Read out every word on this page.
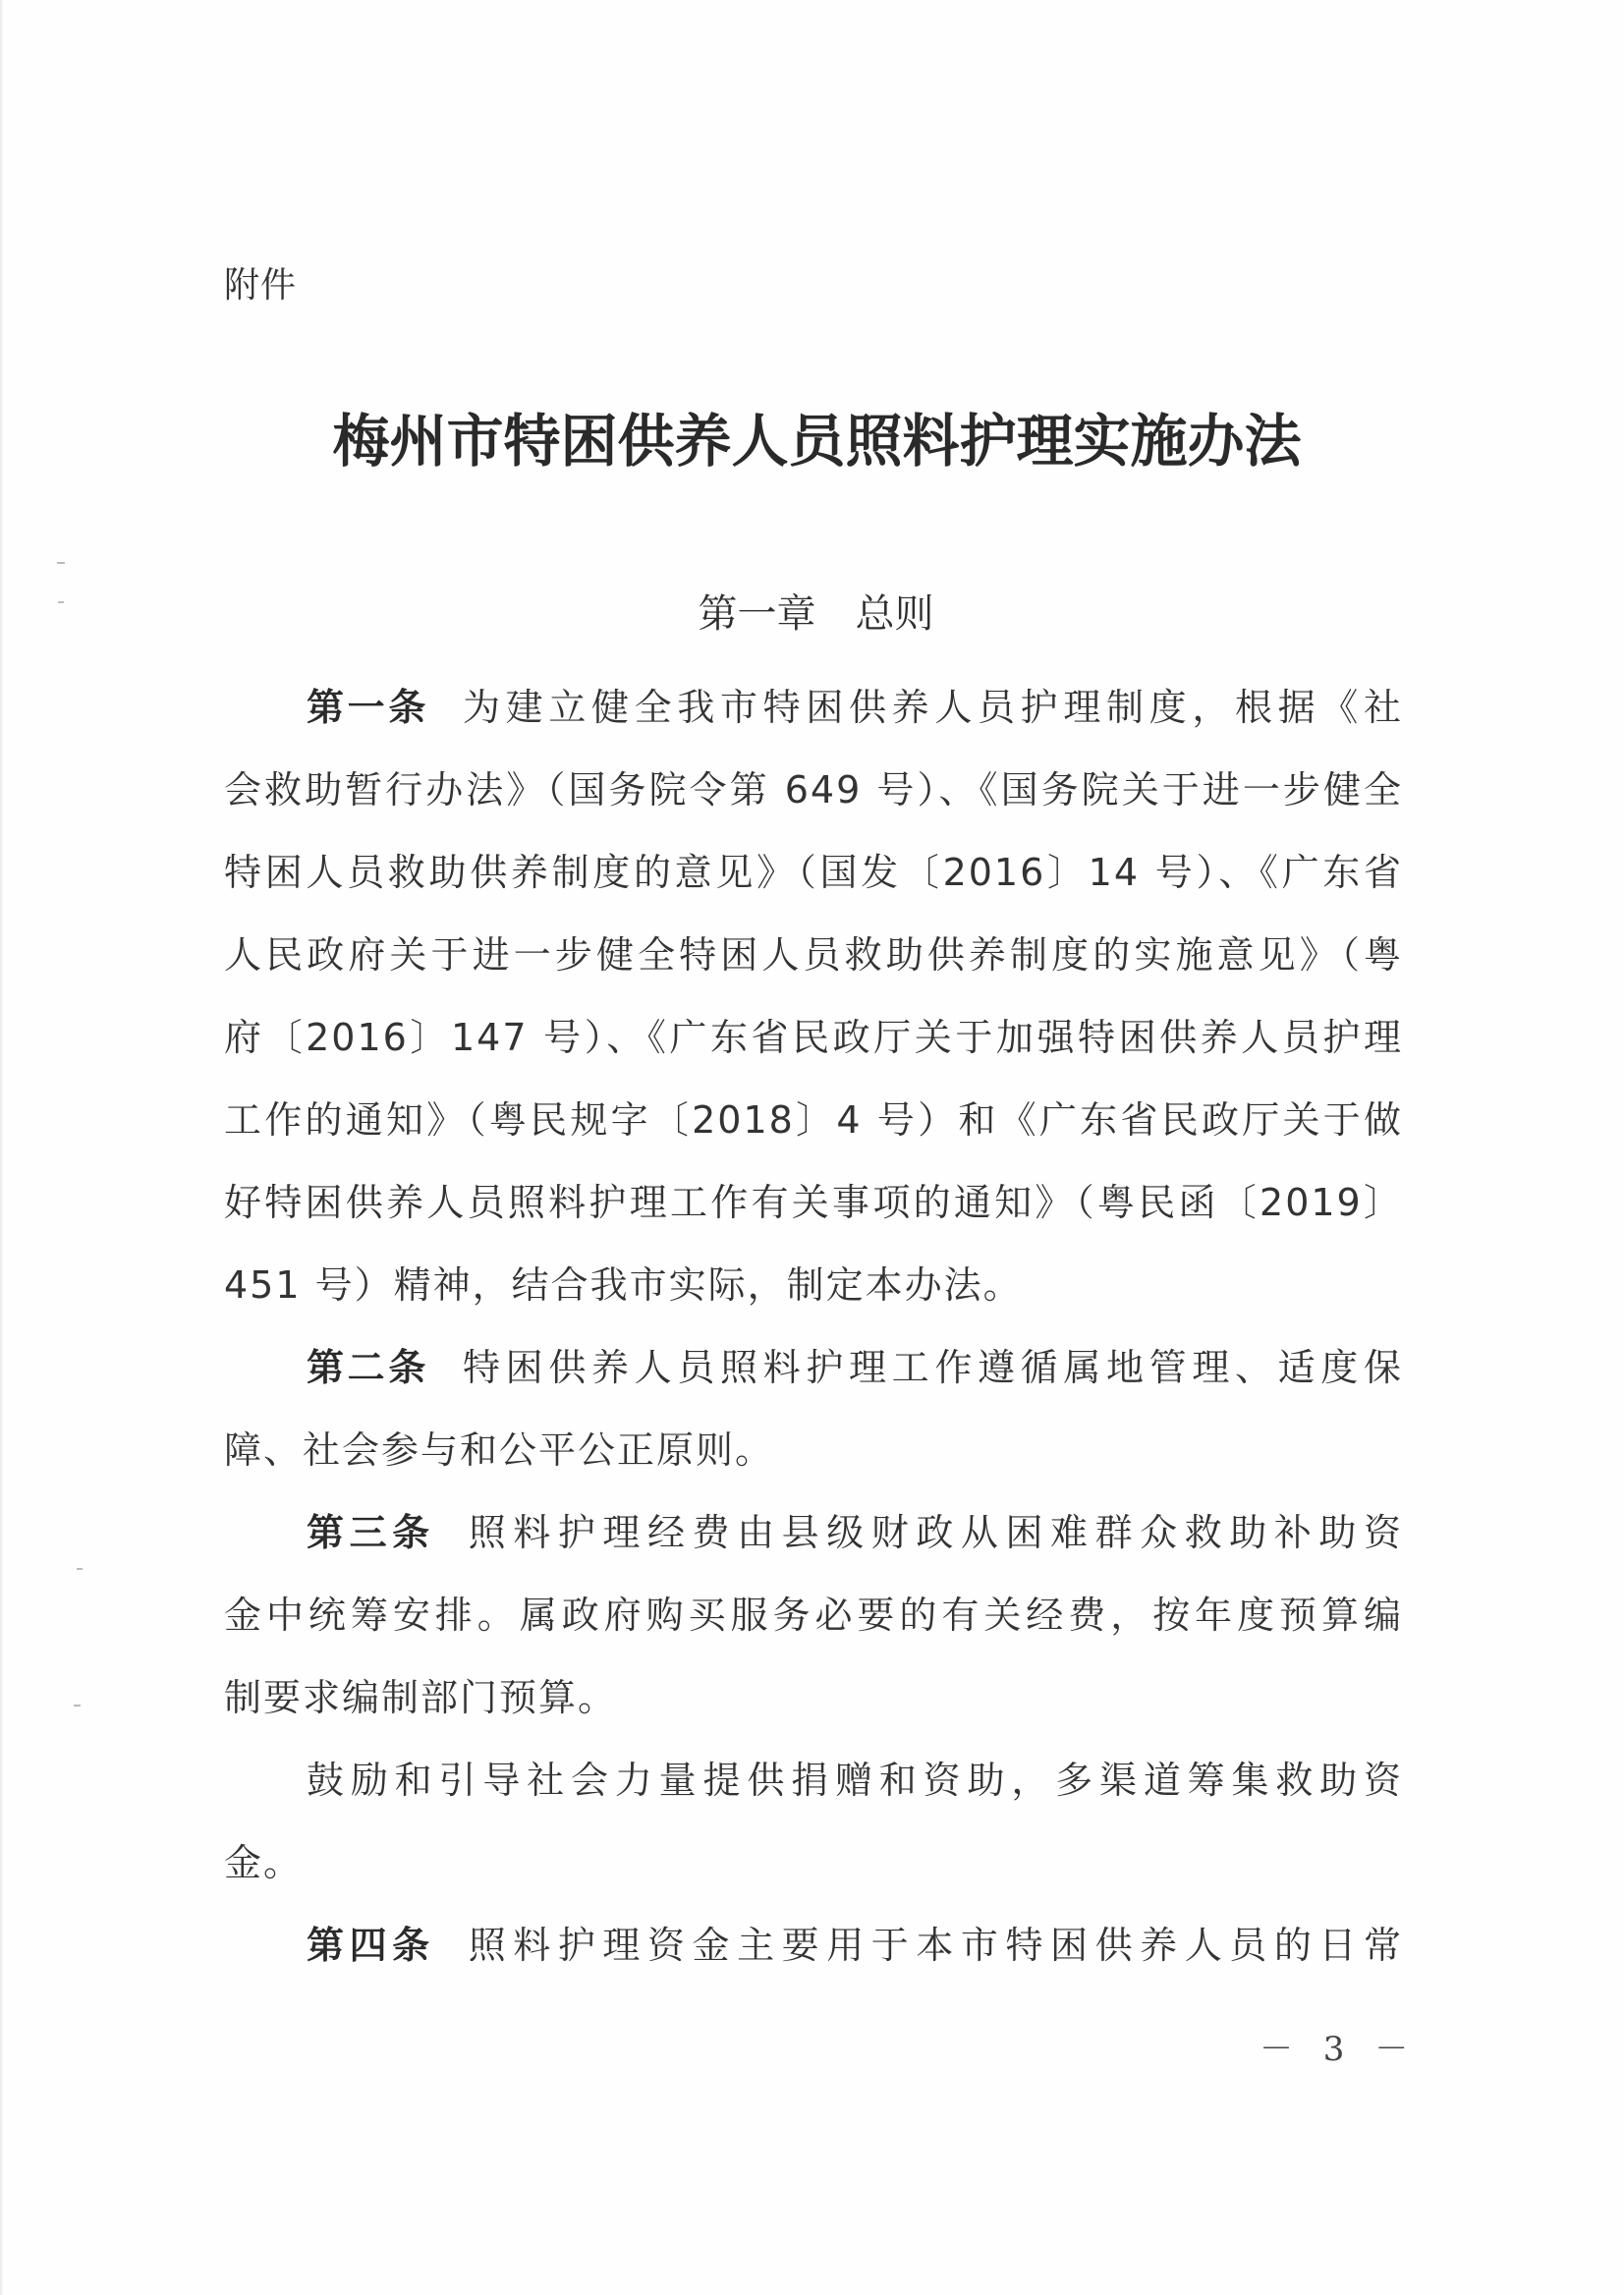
附件
梅州市特困供养人员照料护理实施办法
第一章 总则
第一条 为建立健全我市特困供养人员护理制度，根据《社
会救助暂行办法》（国务院令第 649 号）、《国务院关于进一步健全
特困人员救助供养制度的意见》（国发〔2016〕14 号）、《广东省
人民政府关于进一步健全特困人员救助供养制度的实施意见》（粤
府〔2016〕147 号）、《广东省民政厅关于加强特困供养人员护理
工作的通知》（粤民规字〔2018〕4 号）和《广东省民政厅关于做
好特困供养人员照料护理工作有关事项的通知》（粤民函〔2019〕
451 号）精神，结合我市实际，制定本办法。
第二条 特困供养人员照料护理工作遵循属地管理、适度保
障、社会参与和公平公正原则。
第三条 照料护理经费由县级财政从困难群众救助补助资
金中统筹安排。属政府购买服务必要的有关经费，按年度预算编
制要求编制部门预算。
鼓励和引导社会力量提供捐赠和资助，多渠道筹集救助资
金。
第四条 照料护理资金主要用于本市特困供养人员的日常
－ 3 －
